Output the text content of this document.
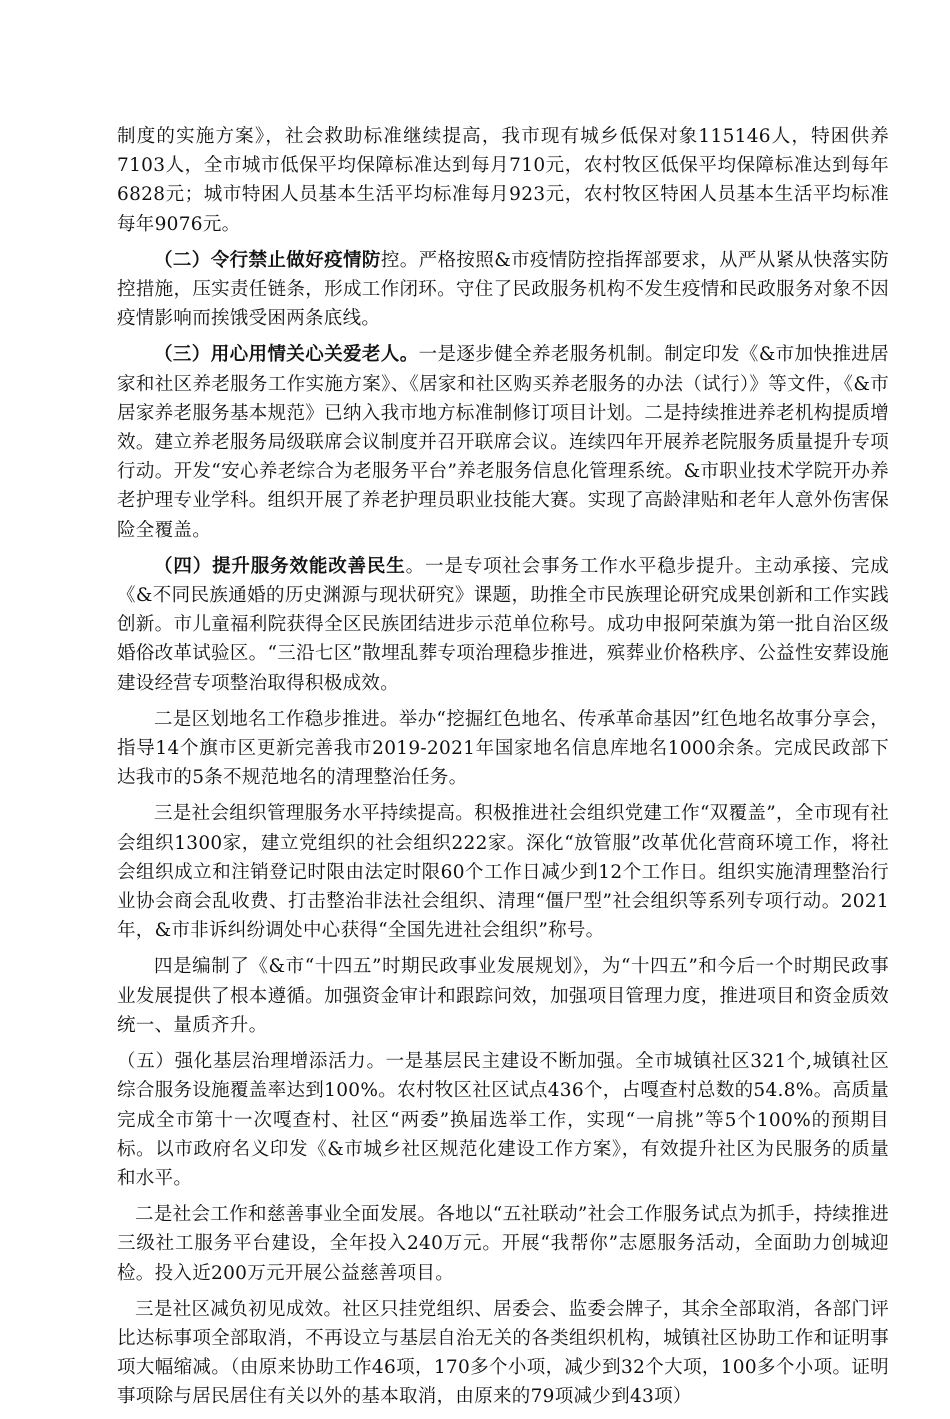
制度的实施方案》，社会救助标准继续提高，我市现有城乡低保对象115146人，特困供养7103人，全市城市低保平均保障标准达到每月710元，农村牧区低保平均保障标准达到每年6828元；城市特困人员基本生活平均标准每月923元，农村牧区特困人员基本生活平均标准每年9076元。

（二）令行禁止做好疫情防控。严格按照&市疫情防控指挥部要求，从严从紧从快落实防控措施，压实责任链条，形成工作闭环。守住了民政服务机构不发生疫情和民政服务对象不因疫情影响而挨饿受困两条底线。

（三）用心用情关心关爱老人。一是逐步健全养老服务机制。制定印发《&市加快推进居家和社区养老服务工作实施方案》、《居家和社区购买养老服务的办法（试行）》等文件，《&市居家养老服务基本规范》已纳入我市地方标准制修订项目计划。二是持续推进养老机构提质增效。建立养老服务局级联席会议制度并召开联席会议。连续四年开展养老院服务质量提升专项行动。开发“安心养老综合为老服务平台”养老服务信息化管理系统。&市职业技术学院开办养老护理专业学科。组织开展了养老护理员职业技能大赛。实现了高龄津贴和老年人意外伤害保险全覆盖。

（四）提升服务效能改善民生。一是专项社会事务工作水平稳步提升。主动承接、完成《&不同民族通婚的历史渊源与现状研究》课题，助推全市民族理论研究成果创新和工作实践创新。市儿童福利院获得全区民族团结进步示范单位称号。成功申报阿荣旗为第一批自治区级婚俗改革试验区。“三沿七区”散埋乱葬专项治理稳步推进，殡葬业价格秩序、公益性安葬设施建设经营专项整治取得积极成效。

二是区划地名工作稳步推进。举办“挖掘红色地名、传承革命基因”红色地名故事分享会，指导14个旗市区更新完善我市2019-2021年国家地名信息库地名1000余条。完成民政部下达我市的5条不规范地名的清理整治任务。

三是社会组织管理服务水平持续提高。积极推进社会组织党建工作“双覆盖”，全市现有社会组织1300家，建立党组织的社会组织222家。深化“放管服”改革优化营商环境工作，将社会组织成立和注销登记时限由法定时限60个工作日减少到12个工作日。组织实施清理整治行业协会商会乱收费、打击整治非法社会组织、清理“僵尸型”社会组织等系列专项行动。2021年，&市非诉纠纷调处中心获得“全国先进社会组织”称号。

四是编制了《&市“十四五”时期民政事业发展规划》，为“十四五”和今后一个时期民政事业发展提供了根本遵循。加强资金审计和跟踪问效，加强项目管理力度，推进项目和资金质效统一、量质齐升。

（五）强化基层治理增添活力。一是基层民主建设不断加强。全市城镇社区321个,城镇社区综合服务设施覆盖率达到100%。农村牧区社区试点436个，占嘎查村总数的54.8%。高质量完成全市第十一次嘎查村、社区“两委”换届选举工作，实现“一肩挑”等5个100%的预期目标。以市政府名义印发《&市城乡社区规范化建设工作方案》，有效提升社区为民服务的质量和水平。

二是社会工作和慈善事业全面发展。各地以“五社联动”社会工作服务试点为抓手，持续推进三级社工服务平台建设，全年投入240万元。开展“我帮你”志愿服务活动，全面助力创城迎检。投入近200万元开展公益慈善项目。

三是社区减负初见成效。社区只挂党组织、居委会、监委会牌子，其余全部取消，各部门评比达标事项全部取消，不再设立与基层自治无关的各类组织机构，城镇社区协助工作和证明事项大幅缩减。（由原来协助工作46项，170多个小项，减少到32个大项，100多个小项。证明事项除与居民居住有关以外的基本取消，由原来的79项减少到43项）
